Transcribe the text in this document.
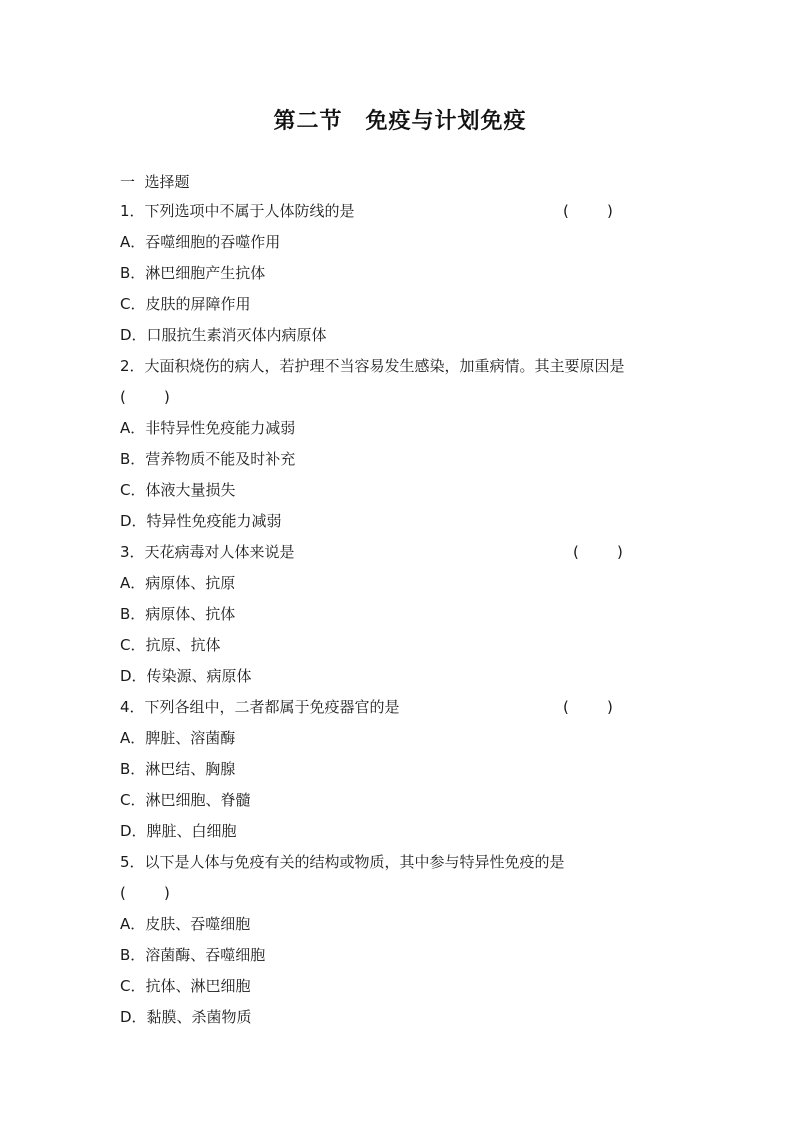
第二节　免疫与计划免疫
一  选择题
1．下列选项中不属于人体防线的是	(        )
A．吞噬细胞的吞噬作用
B．淋巴细胞产生抗体
C．皮肤的屏障作用
D．口服抗生素消灭体内病原体
2．大面积烧伤的病人，若护理不当容易发生感染，加重病情。其主要原因是
(        )
A．非特异性免疫能力减弱
B．营养物质不能及时补充
C．体液大量损失
D．特异性免疫能力减弱
3．天花病毒对人体来说是	(        )
A．病原体、抗原
B．病原体、抗体
C．抗原、抗体
D．传染源、病原体
4．下列各组中，二者都属于免疫器官的是	(        )
A．脾脏、溶菌酶
B．淋巴结、胸腺
C．淋巴细胞、脊髓
D．脾脏、白细胞
5．以下是人体与免疫有关的结构或物质，其中参与特异性免疫的是
(        )
A．皮肤、吞噬细胞
B．溶菌酶、吞噬细胞
C．抗体、淋巴细胞
D．黏膜、杀菌物质
